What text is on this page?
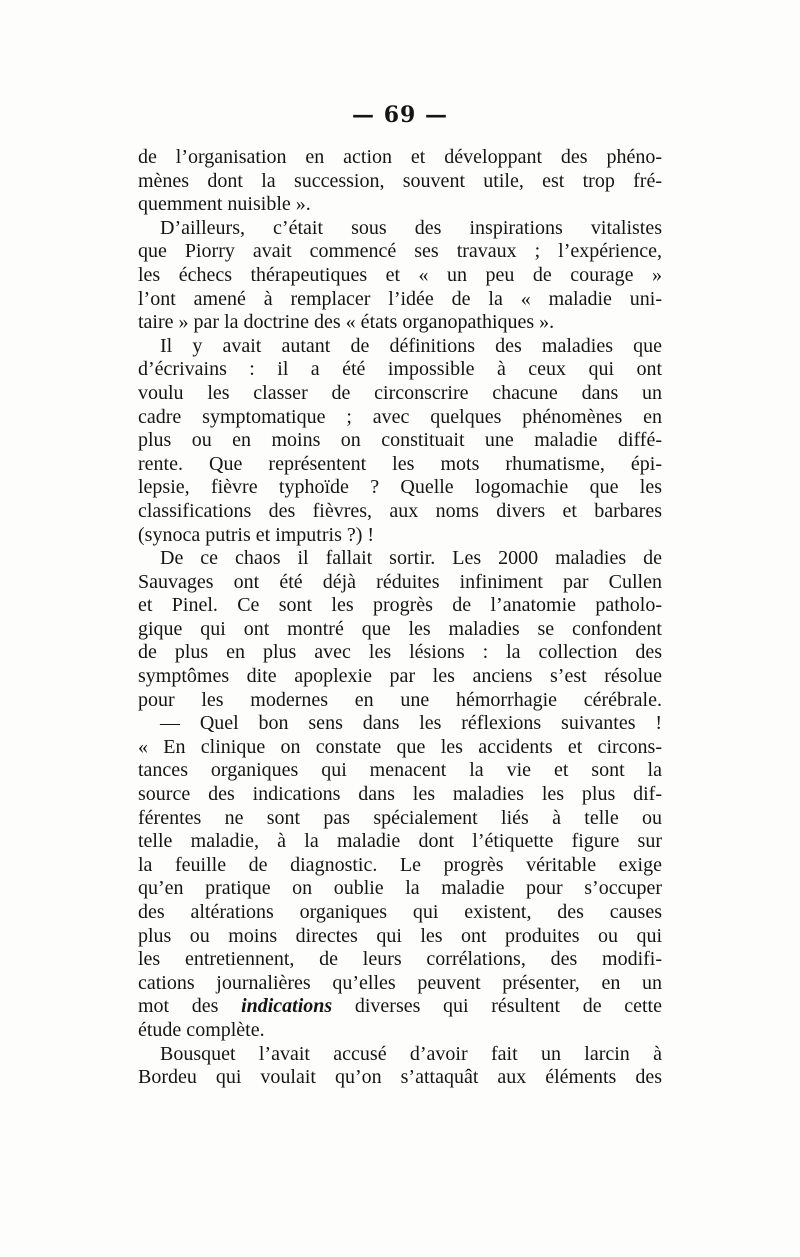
— 69 —
de l’organisation en action et développant des phéno-
mènes dont la succession, souvent utile, est trop fré-
quemment nuisible ».
D’ailleurs, c’était sous des inspirations vitalistes
que Piorry avait commencé ses travaux ; l’expérience,
les échecs thérapeutiques et « un peu de courage »
l’ont amené à remplacer l’idée de la « maladie uni-
taire » par la doctrine des « états organopathiques ».
Il y avait autant de définitions des maladies que
d’écrivains : il a été impossible à ceux qui ont
voulu les classer de circonscrire chacune dans un
cadre symptomatique ; avec quelques phénomènes en
plus ou en moins on constituait une maladie diffé-
rente. Que représentent les mots rhumatisme, épi-
lepsie, fièvre typhoïde ? Quelle logomachie que les
classifications des fièvres, aux noms divers et barbares
(synoca putris et imputris ?) !
De ce chaos il fallait sortir. Les 2000 maladies de
Sauvages ont été déjà réduites infiniment par Cullen
et Pinel. Ce sont les progrès de l’anatomie patholo-
gique qui ont montré que les maladies se confondent
de plus en plus avec les lésions : la collection des
symptômes dite apoplexie par les anciens s’est résolue
pour les modernes en une hémorrhagie cérébrale.
— Quel bon sens dans les réflexions suivantes !
« En clinique on constate que les accidents et circons-
tances organiques qui menacent la vie et sont la
source des indications dans les maladies les plus dif-
férentes ne sont pas spécialement liés à telle ou
telle maladie, à la maladie dont l’étiquette figure sur
la feuille de diagnostic. Le progrès véritable exige
qu’en pratique on oublie la maladie pour s’occuper
des altérations organiques qui existent, des causes
plus ou moins directes qui les ont produites ou qui
les entretiennent, de leurs corrélations, des modifi-
cations journalières qu’elles peuvent présenter, en un
mot des indications diverses qui résultent de cette
étude complète.
Bousquet l’avait accusé d’avoir fait un larcin à
Bordeu qui voulait qu’on s’attaquât aux éléments des
